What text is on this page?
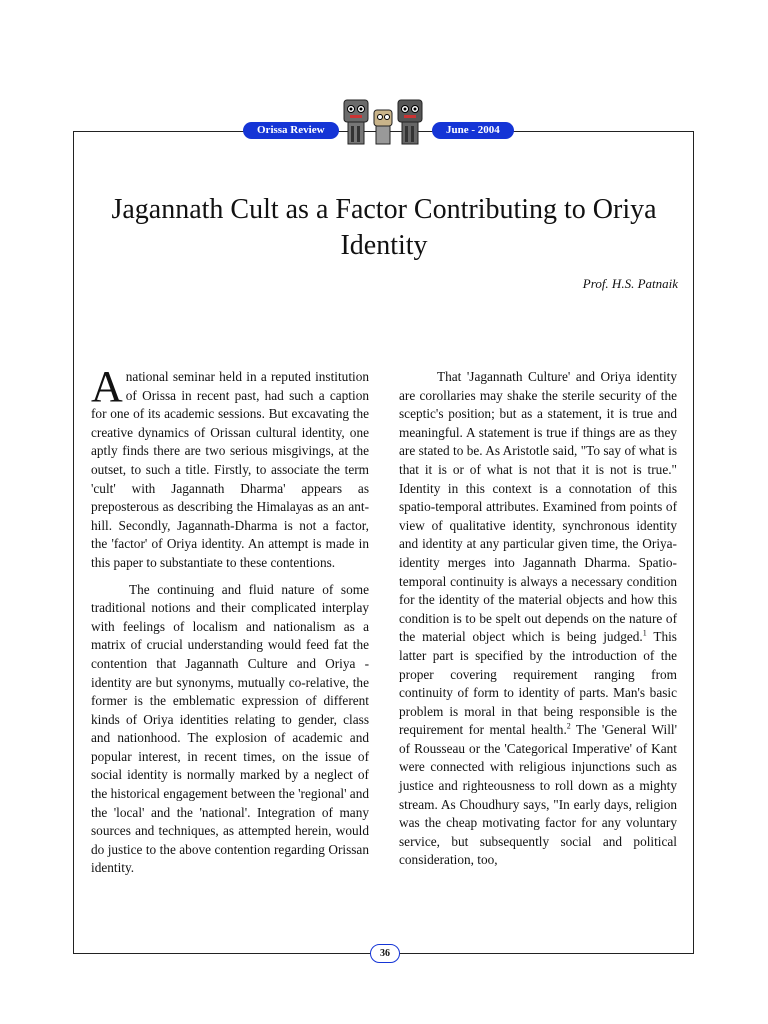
Orissa Review	June - 2004
Jagannath Cult as a Factor Contributing to Oriya Identity
Prof. H.S. Patnaik

Anational seminar held in a reputed institution of Orissa in recent past, had such a caption for one of its academic sessions. But excavating the creative dynamics of Orissan cultural identity, one aptly finds there are two serious misgivings, at the outset, to such a title. Firstly, to associate the term 'cult' with Jagannath Dharma' appears as preposterous as describing the Himalayas as an ant-hill. Secondly, Jagannath-Dharma is not a factor, the 'factor' of Oriya identity. An attempt is made in this paper to substantiate to these contentions.

The continuing and fluid nature of some traditional notions and their complicated interplay with feelings of localism and nationalism as a matrix of crucial understanding would feed fat the contention that Jagannath Culture and Oriya - identity are but synonyms, mutually co-relative, the former is the emblematic expression of different kinds of Oriya identities relating to gender, class and nationhood. The explosion of academic and popular interest, in recent times, on the issue of social identity is normally marked by a neglect of the historical engagement between the 'regional' and the 'local' and the 'national'. Integration of many sources and techniques, as attempted herein, would do justice to the above contention regarding Orissan identity.

That 'Jagannath Culture' and Oriya identity are corollaries may shake the sterile security of the sceptic's position; but as a statement, it is true and meaningful. A statement is true if things are as they are stated to be. As Aristotle said, "To say of what is that it is or of what is not that it is not is true." Identity in this context is a connotation of this spatio-temporal attributes. Examined from points of view of qualitative identity, synchronous identity and identity at any particular given time, the Oriya-identity merges into Jagannath Dharma. Spatio-temporal continuity is always a necessary condition for the identity of the material objects and how this condition is to be spelt out depends on the nature of the material object which is being judged.$^1$ This latter part is specified by the introduction of the proper covering requirement ranging from continuity of form to identity of parts. Man's basic problem is moral in that being responsible is the requirement for mental health.$^2$ The 'General Will' of Rousseau or the 'Categorical Imperative' of Kant were connected with religious injunctions such as justice and righteousness to roll down as a mighty stream. As Choudhury says, "In early days, religion was the cheap motivating factor for any voluntary service, but subsequently social and political consideration, too,

36
